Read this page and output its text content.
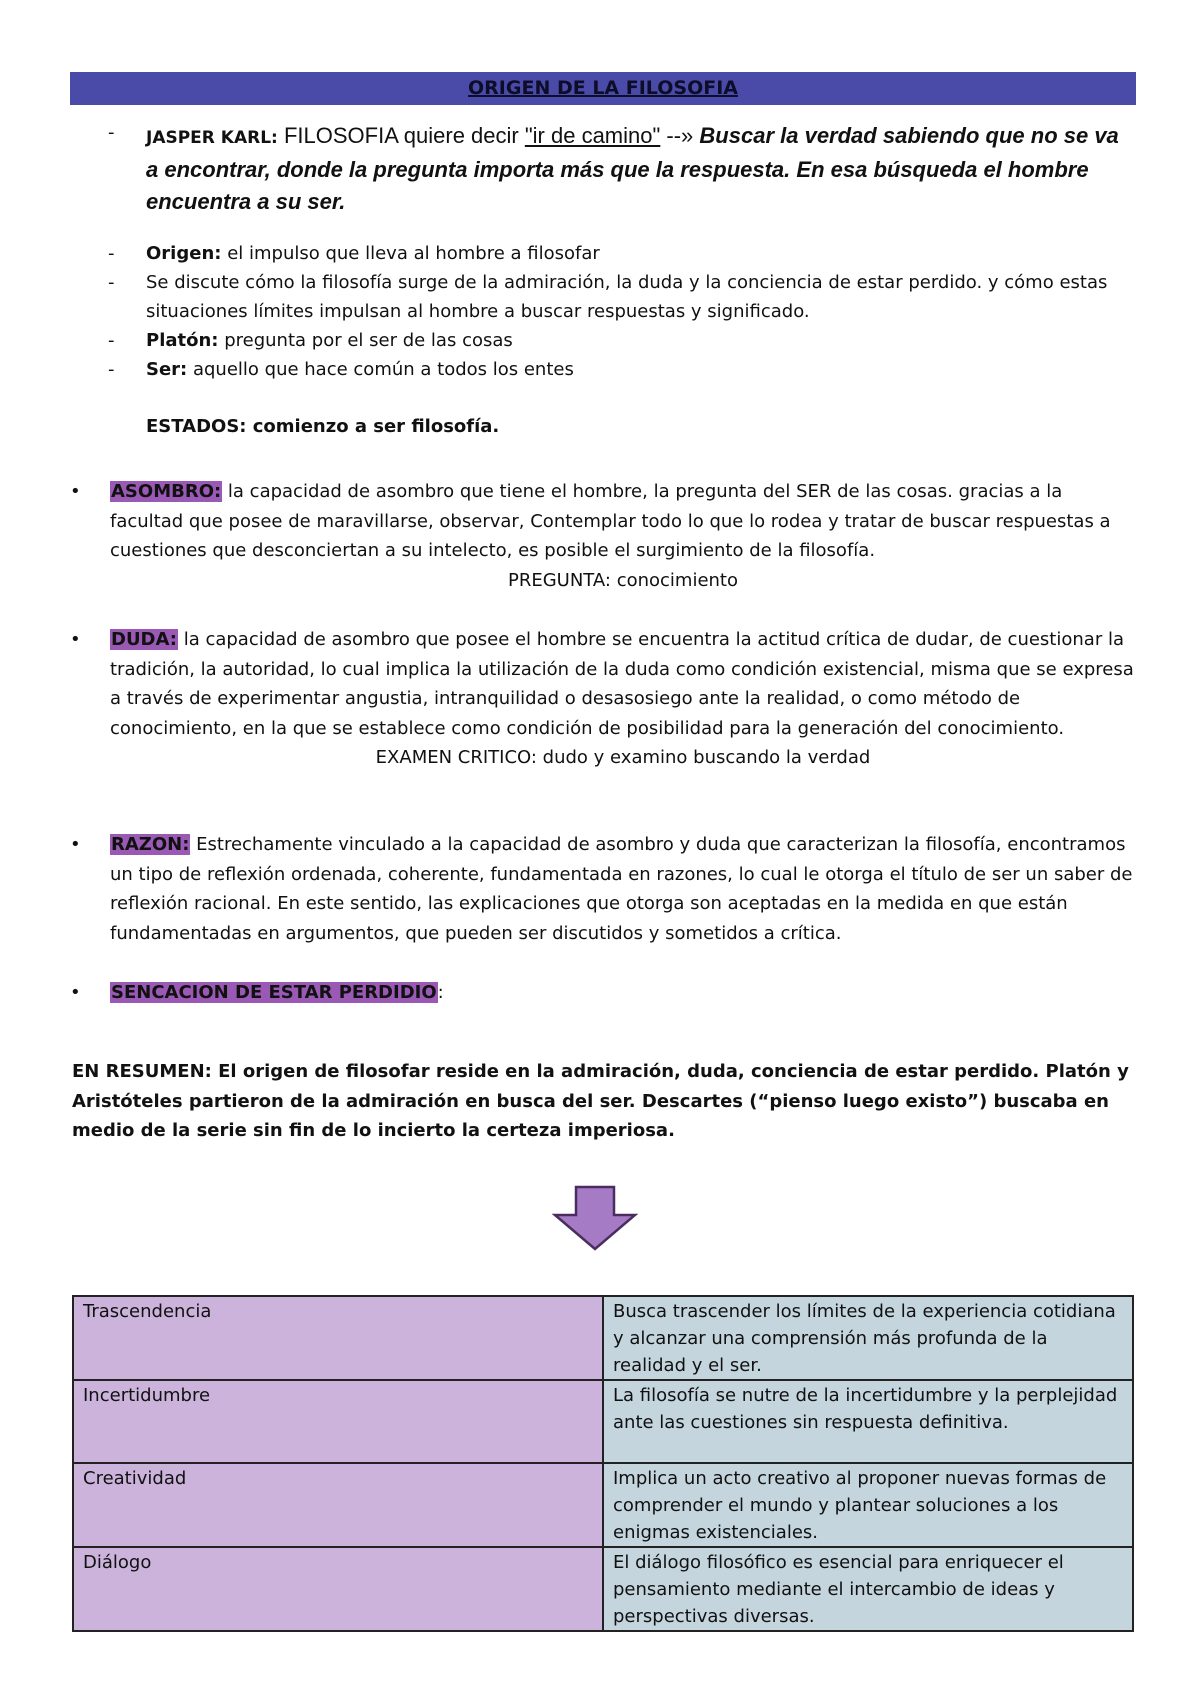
ORIGEN DE LA FILOSOFIA
-	JASPER KARL: FILOSOFIA quiere decir "ir de camino" --» Buscar la verdad sabiendo que no se va a encontrar, donde la pregunta importa más que la respuesta. En esa búsqueda el hombre encuentra a su ser.
- Origen: el impulso que lleva al hombre a filosofar
- Se discute cómo la filosofía surge de la admiración, la duda y la conciencia de estar perdido. y cómo estas situaciones límites impulsan al hombre a buscar respuestas y significado.
- Platón: pregunta por el ser de las cosas
- Ser: aquello que hace común a todos los entes
ESTADOS: comienzo a ser filosofía.
•	ASOMBRO: la capacidad de asombro que tiene el hombre, la pregunta del SER de las cosas. gracias a la facultad que posee de maravillarse, observar, Contemplar todo lo que lo rodea y tratar de buscar respuestas a cuestiones que desconciertan a su intelecto, es posible el surgimiento de la filosofía.
PREGUNTA: conocimiento
•	DUDA: la capacidad de asombro que posee el hombre se encuentra la actitud crítica de dudar, de cuestionar la tradición, la autoridad, lo cual implica la utilización de la duda como condición existencial, misma que se expresa a través de experimentar angustia, intranquilidad o desasosiego ante la realidad, o como método de conocimiento, en la que se establece como condición de posibilidad para la generación del conocimiento.
EXAMEN CRITICO: dudo y examino buscando la verdad
•	RAZON: Estrechamente vinculado a la capacidad de asombro y duda que caracterizan la filosofía, encontramos un tipo de reflexión ordenada, coherente, fundamentada en razones, lo cual le otorga el título de ser un saber de reflexión racional. En este sentido, las explicaciones que otorga son aceptadas en la medida en que están fundamentadas en argumentos, que pueden ser discutidos y sometidos a crítica.
•	SENCACION DE ESTAR PERDIDIO:
EN RESUMEN: El origen de filosofar reside en la admiración, duda, conciencia de estar perdido. Platón y Aristóteles partieron de la admiración en busca del ser. Descartes (“pienso luego existo”) buscaba en medio de la serie sin fin de lo incierto la certeza imperiosa.
Trascendencia	Busca trascender los límites de la experiencia cotidiana y alcanzar una comprensión más profunda de la realidad y el ser.
Incertidumbre	La filosofía se nutre de la incertidumbre y la perplejidad ante las cuestiones sin respuesta definitiva.
Creatividad	Implica un acto creativo al proponer nuevas formas de comprender el mundo y plantear soluciones a los enigmas existenciales.
Diálogo	El diálogo filosófico es esencial para enriquecer el pensamiento mediante el intercambio de ideas y perspectivas diversas.
